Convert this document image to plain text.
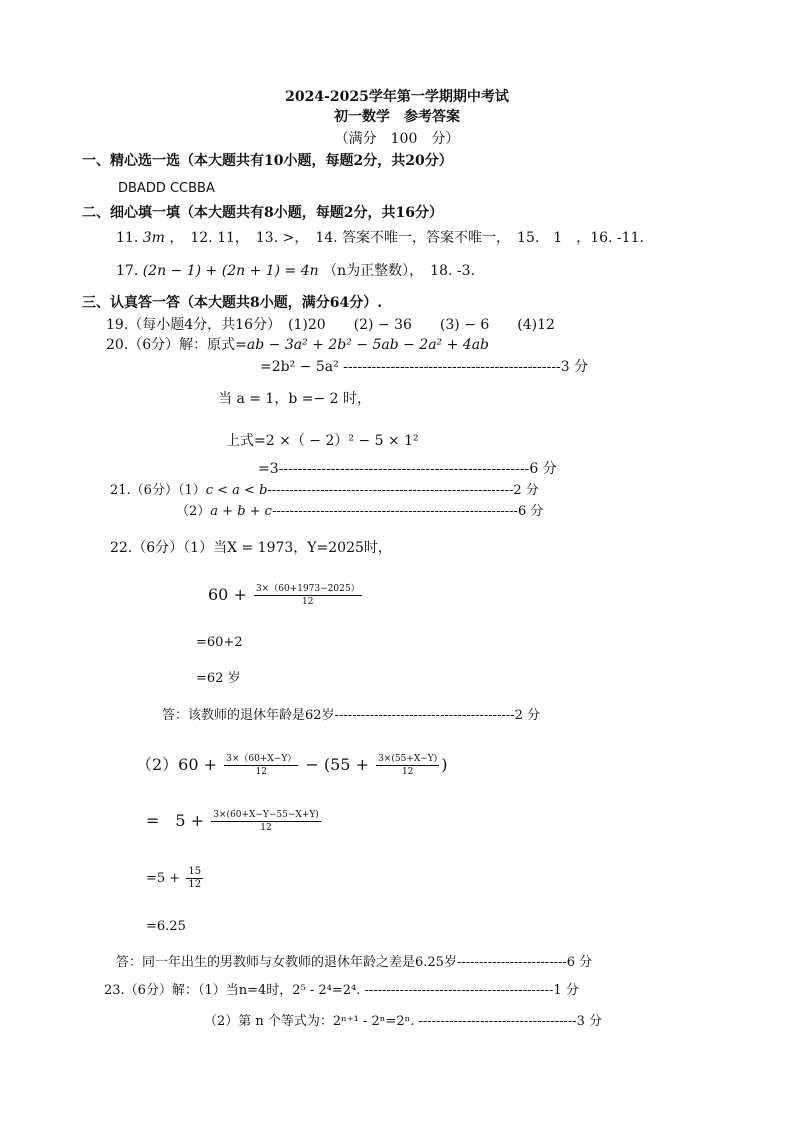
2024-2025学年第一学期期中考试
初一数学　参考答案
（满分　100　分）
一、精心选一选（本大题共有10小题，每题2分，共20分）
DBADD CCBBA
二、细心填一填（本大题共有8小题，每题2分，共16分）
11. 3m ，　12. 11，　13. >，　14. 答案不唯一，答案不唯一，　15.　1　，16. -11.
17. (2n − 1) + (2n + 1) = 4n （n为正整数），　18. -3.
三、认真答一答（本大题共8小题，满分64分）.
19.（每小题4分，共16分）　(1)20　　(2) − 36　　(3) − 6　　(4)12
20.（6分）解：原式=ab − 3a² + 2b² − 5ab − 2a² + 4ab
=2b² − 5a² ----------------------------------------------3 分
当 a = 1，b =− 2 时，
上式=2 ×（ − 2）² − 5 × 1²
=3-----------------------------------------------------6 分
21.（6分）（1）c < a < b--------------------------------------------------------2 分
（2）a + b + c--------------------------------------------------------6 分
22.（6分）（1）当X = 1973，Y=2025时，
$60 + \frac{3\times(60+1973-2025)}{12}$
=60+2
=62 岁
答：该教师的退休年龄是62岁-----------------------------------------2 分
$(2)60 + \frac{3\times(60+X-Y)}{12} - (55 + \frac{3\times(55+X-Y)}{12}$ )
=　$5 + \frac{3\times(60+X-Y-55-X+Y)}{12}$
$=5 + \frac{15}{12}$
=6.25
答：同一年出生的男教师与女教师的退休年龄之差是6.25岁-------------------------6 分
23.（6分）解：（1）当n=4时，2⁵ - 2⁴=2⁴. -------------------------------------------1 分
（2）第 n 个等式为：2ⁿ⁺¹ - 2ⁿ=2ⁿ. ------------------------------------3 分
